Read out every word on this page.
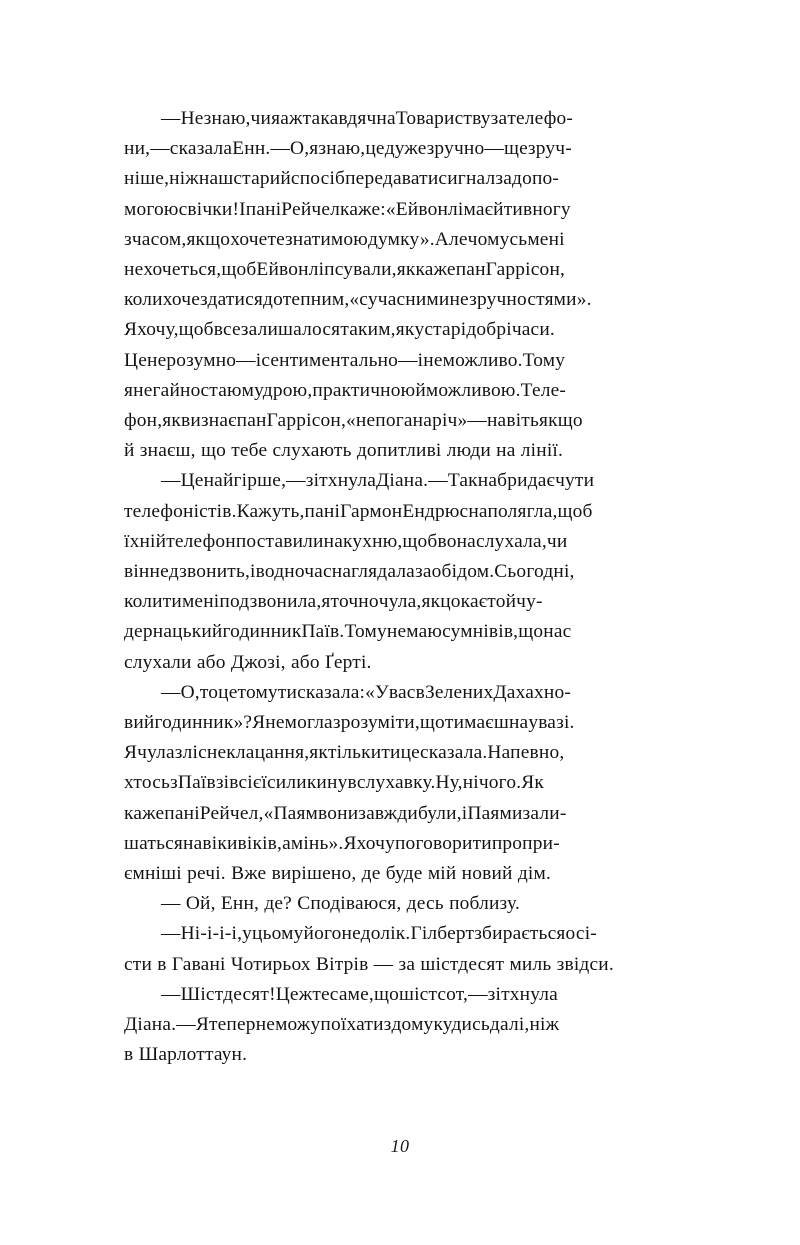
—Незнаю,чияажтакавдячнаТовариствузателефо-
ни,—сказалаЕнн.—О,язнаю,цедужезручно—щезруч-
ніше,ніжнашстарийспосібпередаватисигналзадопо-
могоюсвічки!ІпаніРейчелкаже:«Ейвонлімаєйтивногу
зчасом,якщохочетезнатимоюдумку».Алечомусьмені
нехочеться,щобЕйвонліпсували,яккажепанГаррісон,
колихочездатисядотепним,«сучасниминезручностями».
Яхочу,щобвсезалишалосятаким,якустарідобрічаси.
Ценерозумно—ісентиментально—інеможливо.Тому
янегайностаюмудрою,практичноюйможливою.Теле-
фон,яквизнаєпанГаррісон,«непоганаріч»—навітьякщо
й знаєш, що тебе слухають допитливі люди на лінії.

—Ценайгірше,—зітхнулаДіана.—Такнабридаєчути
телефоністів.Кажуть,паніГармонЕндрюснаполягла,щоб
їхнійтелефонпоставилинакухню,щобвонаслухала,чи
віннедзвонить,іводночаснаглядалазаобідом.Сьогодні,
колитименіподзвонила,яточночула,якцокаєтойчу-
дернацькийгодинникПаїв.Томунемаюсумнівів,щонас
слухали або Джозі, або Ґерті.

—О,тоцетомутисказала:«УвасвЗеленихДахахно-
вийгодинник»?Янемоглазрозуміти,щотимаєшнаувазі.
Ячулазліснеклацання,яктількитицесказала.Напевно,
хтосьзПаївзівсієїсиликинувслухавку.Ну,нічого.Як
кажепаніРейчел,«Паямвонизавждибули,іПаямизали-
шатьсянавікивіків,амінь».Яхочупоговоритипропри-
ємніші речі. Вже вирішено, де буде мій новий дім.

— Ой, Енн, де? Сподіваюся, десь поблизу.

—Ні-і-і-і,уцьомуйогонедолік.Гілбертзбираєтьсяосі-
сти в Гавані Чотирьох Вітрів — за шістдесят миль звідси.

—Шістдесят!Цежтесаме,щошістсот,—зітхнула
Діана.—Ятепернеможупоїхатиздомукудисьдалі,ніж
в Шарлоттаун.

10
